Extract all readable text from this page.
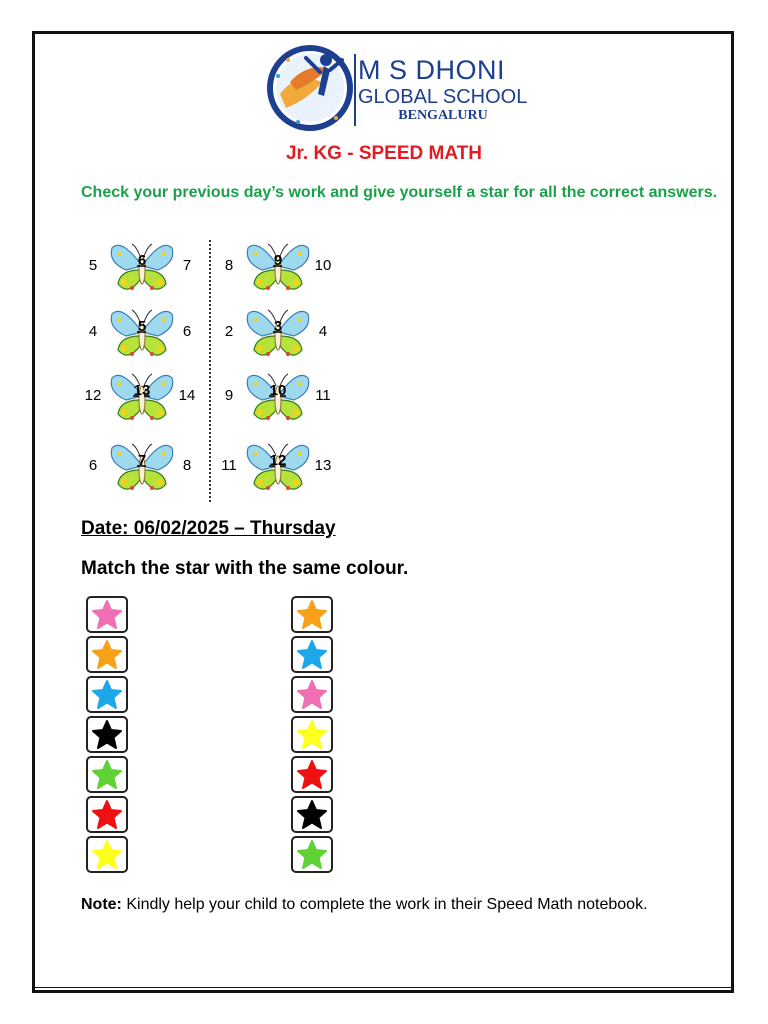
M S DHONI
GLOBAL SCHOOL
BENGALURU
Jr. KG - SPEED MATH
Check your previous day’s work and give yourself a star for all the correct answers.
5	6	7
4	5	6
12	13	14
6	7	8
8	9	10
2	3	4
9	10	11
11	12	13
Date: 06/02/2025 – Thursday
Match the star with the same colour.
Note: Kindly help your child to complete the work in their Speed Math notebook.
